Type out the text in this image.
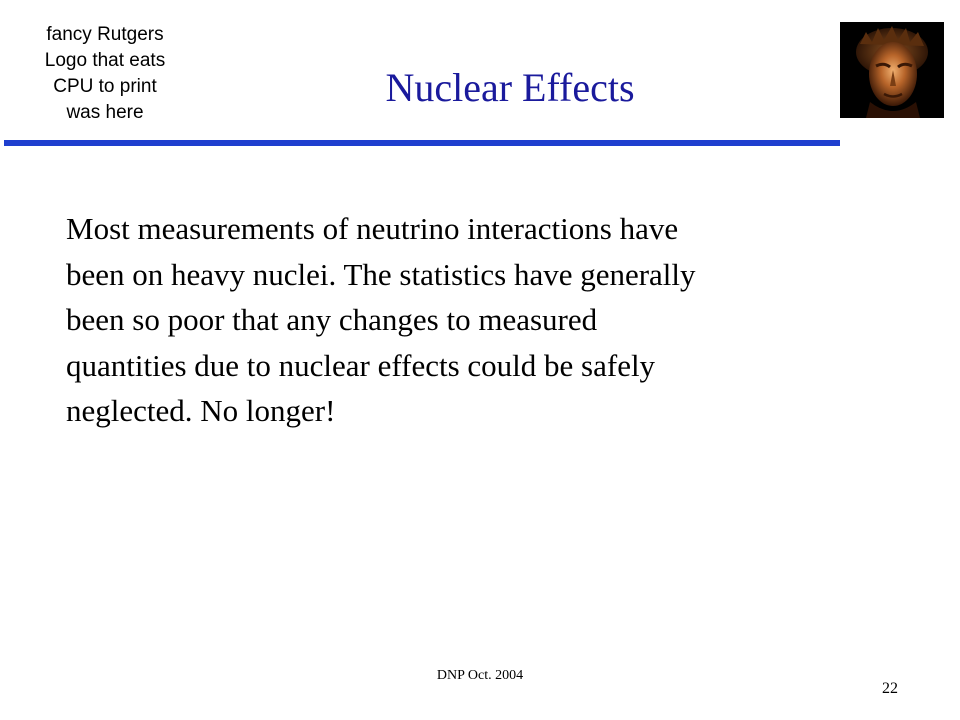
fancy Rutgers
Logo that eats
CPU to print
was here
Nuclear Effects
Most measurements of neutrino interactions have
been on heavy nuclei. The statistics have generally
been so poor that any changes to measured
quantities due to nuclear effects could be safely
neglected. No longer!
DNP Oct. 2004
22
